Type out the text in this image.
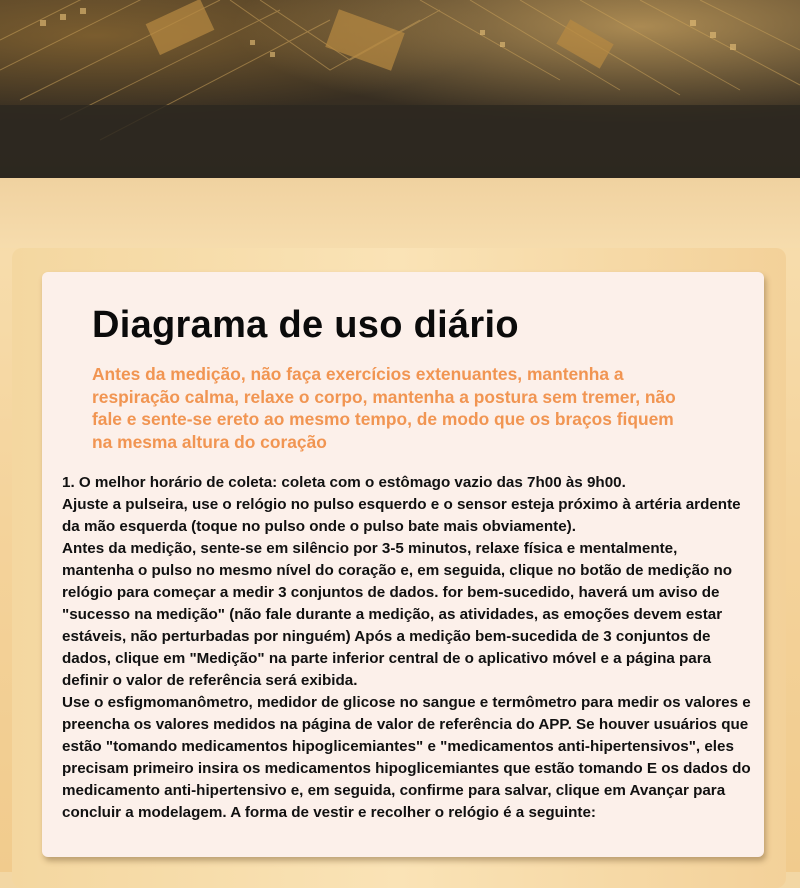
Diagrama de uso diário

Antes da medição, não faça exercícios extenuantes, mantenha a respiração calma, relaxe o corpo, mantenha a postura sem tremer, não fale e sente-se ereto ao mesmo tempo, de modo que os braços fiquem na mesma altura do coração

1. O melhor horário de coleta: coleta com o estômago vazio das 7h00 às 9h00.
Ajuste a pulseira, use o relógio no pulso esquerdo e o sensor esteja próximo à artéria ardente da mão esquerda (toque no pulso onde o pulso bate mais obviamente).
Antes da medição, sente-se em silêncio por 3-5 minutos, relaxe física e mentalmente, mantenha o pulso no mesmo nível do coração e, em seguida, clique no botão de medição no relógio para começar a medir 3 conjuntos de dados. for bem-sucedido, haverá um aviso de "sucesso na medição" (não fale durante a medição, as atividades, as emoções devem estar estáveis, não perturbadas por ninguém) Após a medição bem-sucedida de 3 conjuntos de dados, clique em "Medição" na parte inferior central de o aplicativo móvel e a página para definir o valor de referência será exibida.
Use o esfigmomanômetro, medidor de glicose no sangue e termômetro para medir os valores e preencha os valores medidos na página de valor de referência do APP. Se houver usuários que estão "tomando medicamentos hipoglicemiantes" e "medicamentos anti-hipertensivos", eles precisam primeiro insira os medicamentos hipoglicemiantes que estão tomando E os dados do medicamento anti-hipertensivo e, em seguida, confirme para salvar, clique em Avançar para concluir a modelagem. A forma de vestir e recolher o relógio é a seguinte:
